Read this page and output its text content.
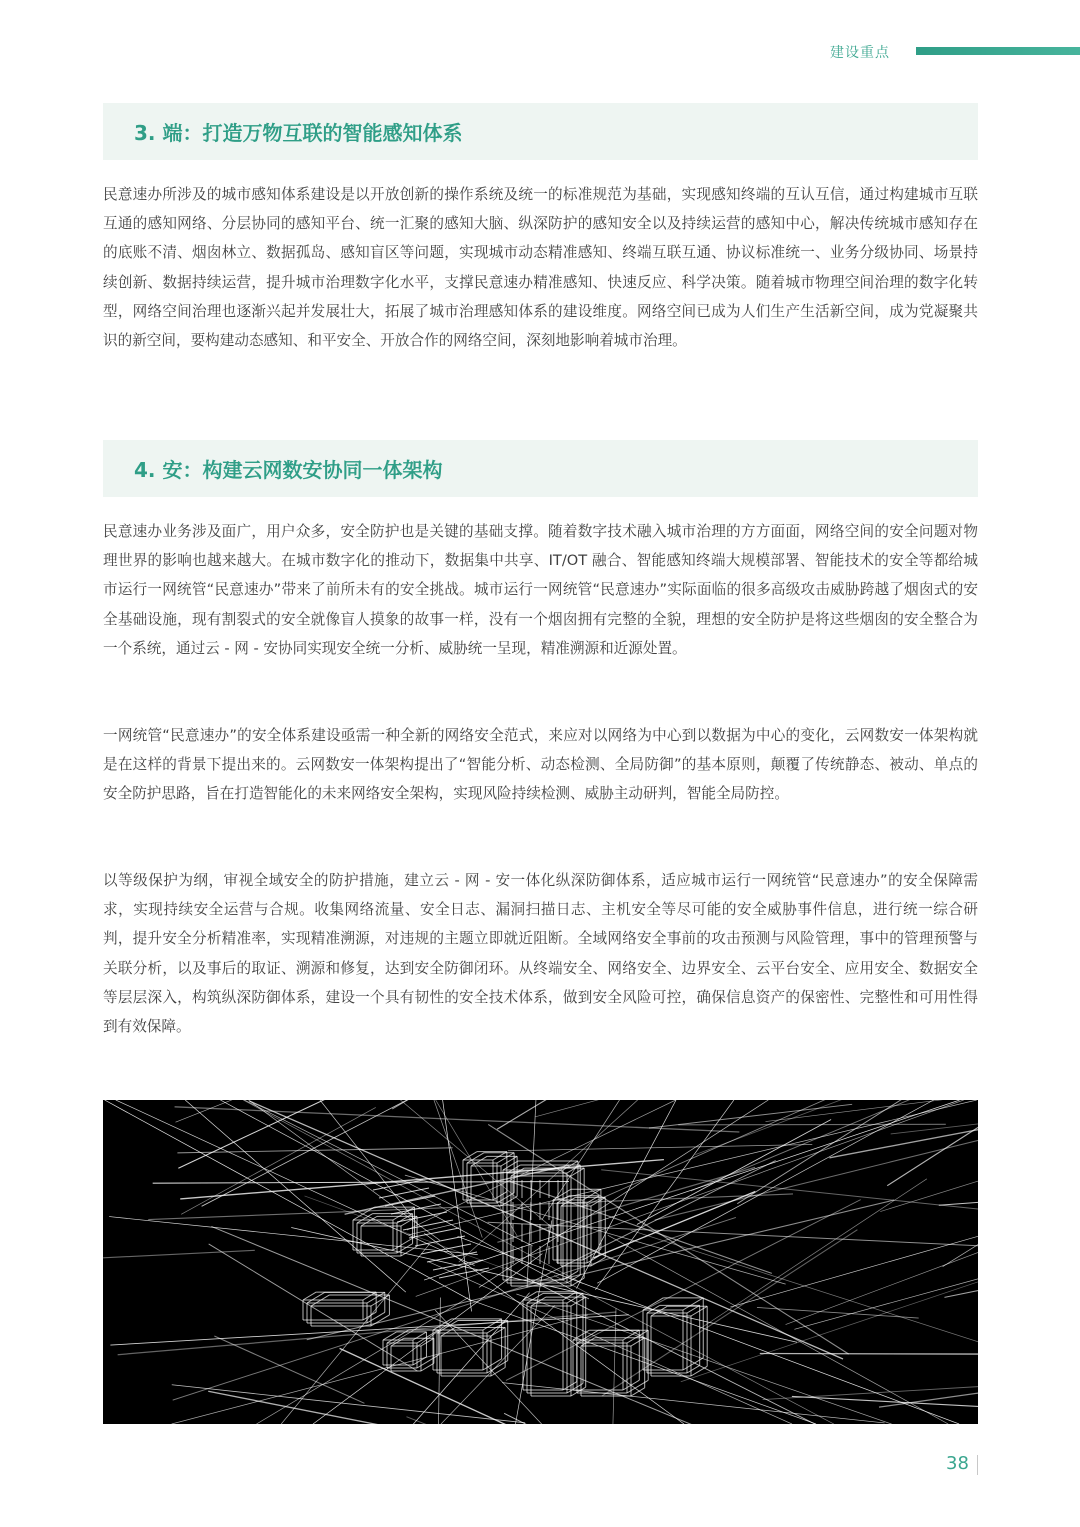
建设重点
3. 端：打造万物互联的智能感知体系

民意速办所涉及的城市感知体系建设是以开放创新的操作系统及统一的标准规范为基础，实现感知终端的互认互信，通过构建城市互联互通的感知网络、分层协同的感知平台、统一汇聚的感知大脑、纵深防护的感知安全以及持续运营的感知中心，解决传统城市感知存在的底账不清、烟囱林立、数据孤岛、感知盲区等问题，实现城市动态精准感知、终端互联互通、协议标准统一、业务分级协同、场景持续创新、数据持续运营，提升城市治理数字化水平，支撑民意速办精准感知、快速反应、科学决策。随着城市物理空间治理的数字化转型，网络空间治理也逐渐兴起并发展壮大，拓展了城市治理感知体系的建设维度。网络空间已成为人们生产生活新空间，成为党凝聚共识的新空间，要构建动态感知、和平安全、开放合作的网络空间，深刻地影响着城市治理。

4. 安：构建云网数安协同一体架构

民意速办业务涉及面广，用户众多，安全防护也是关键的基础支撑。随着数字技术融入城市治理的方方面面，网络空间的安全问题对物理世界的影响也越来越大。在城市数字化的推动下，数据集中共享、IT/OT 融合、智能感知终端大规模部署、智能技术的安全等都给城市运行一网统管“民意速办”带来了前所未有的安全挑战。城市运行一网统管“民意速办”实际面临的很多高级攻击威胁跨越了烟囱式的安全基础设施，现有割裂式的安全就像盲人摸象的故事一样，没有一个烟囱拥有完整的全貌，理想的安全防护是将这些烟囱的安全整合为一个系统，通过云 - 网 - 安协同实现安全统一分析、威胁统一呈现，精准溯源和近源处置。

一网统管“民意速办”的安全体系建设亟需一种全新的网络安全范式，来应对以网络为中心到以数据为中心的变化，云网数安一体架构就是在这样的背景下提出来的。云网数安一体架构提出了“智能分析、动态检测、全局防御”的基本原则，颠覆了传统静态、被动、单点的安全防护思路，旨在打造智能化的未来网络安全架构，实现风险持续检测、威胁主动研判，智能全局防控。

以等级保护为纲，审视全域安全的防护措施，建立云 - 网 - 安一体化纵深防御体系，适应城市运行一网统管“民意速办”的安全保障需求，实现持续安全运营与合规。收集网络流量、安全日志、漏洞扫描日志、主机安全等尽可能的安全威胁事件信息，进行统一综合研判，提升安全分析精准率，实现精准溯源，对违规的主题立即就近阻断。全域网络安全事前的攻击预测与风险管理，事中的管理预警与关联分析，以及事后的取证、溯源和修复，达到安全防御闭环。从终端安全、网络安全、边界安全、云平台安全、应用安全、数据安全等层层深入，构筑纵深防御体系，建设一个具有韧性的安全技术体系，做到安全风险可控，确保信息资产的保密性、完整性和可用性得到有效保障。

38
